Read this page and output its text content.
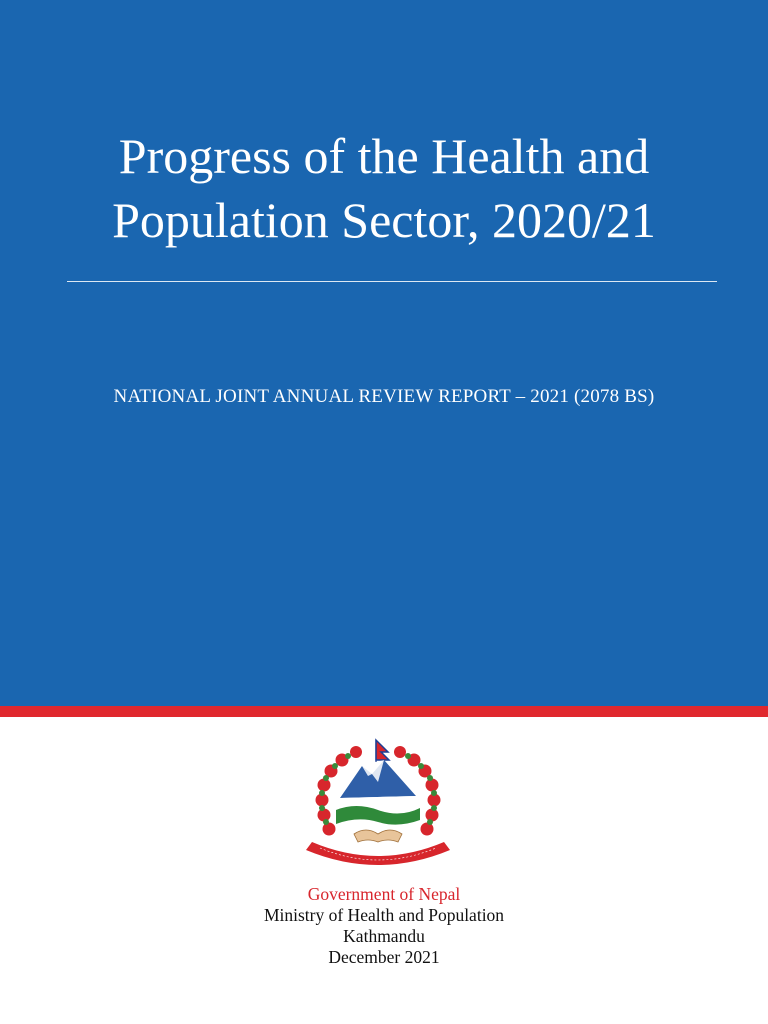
Progress of the Health and
Population Sector, 2020/21
NATIONAL JOINT ANNUAL REVIEW REPORT – 2021 (2078 BS)
Government of Nepal
Ministry of Health and Population
Kathmandu
December 2021
